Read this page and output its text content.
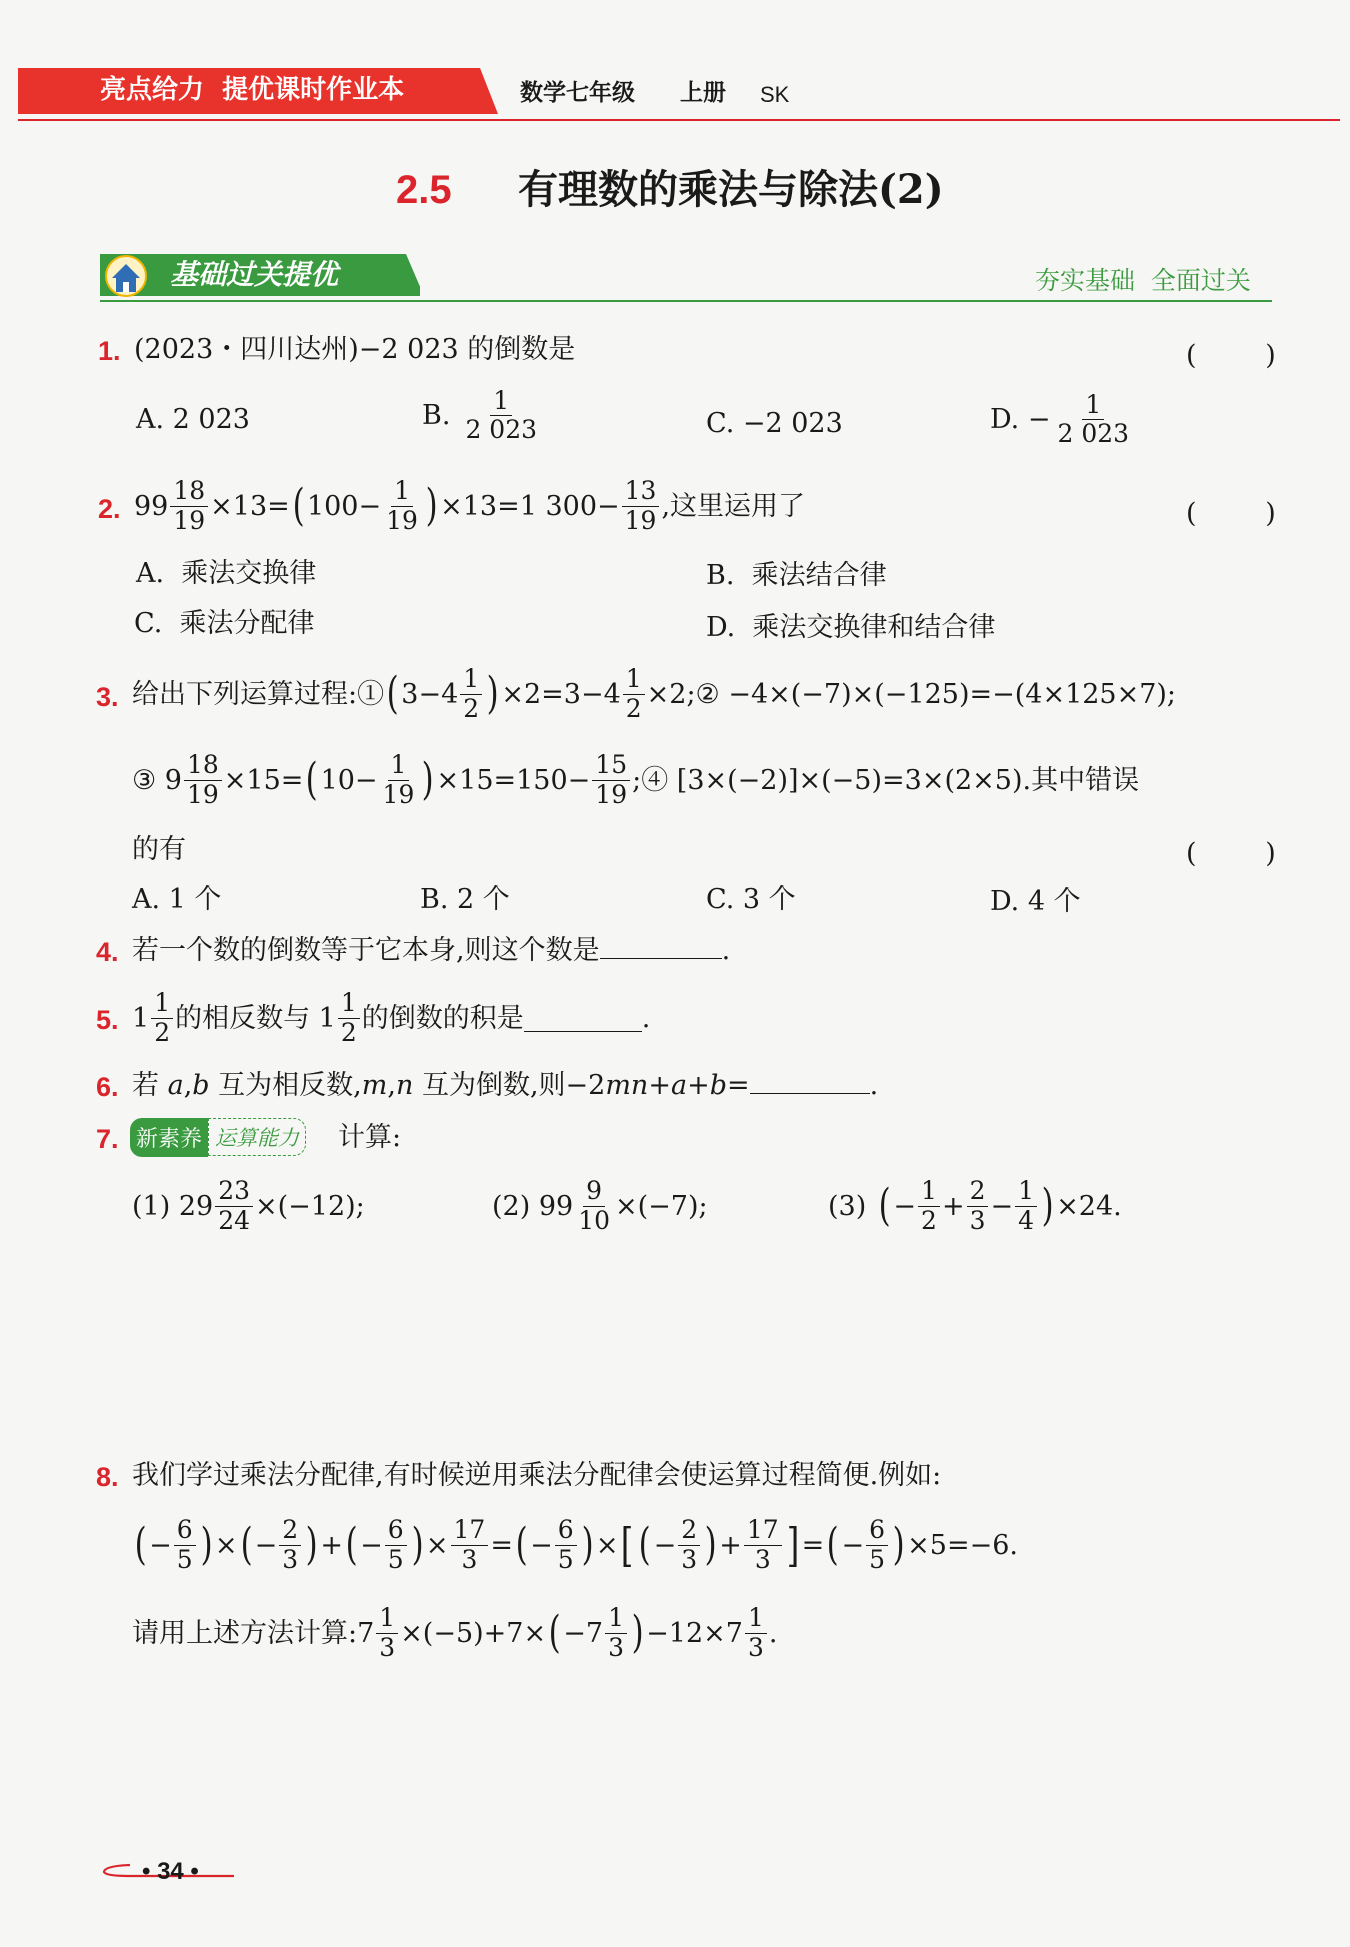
亮点给力  提优课时作业本	数学七年级 上册 SK
2.5 有理数的乘法与除法(2)
基础过关提优	夯实基础  全面过关
1. (2023・四川达州)−2 023 的倒数是	(        )
A. 2 023	B. $\frac{1}{2 023}$	C. −2 023	D. − $\frac{1}{2 023}$
2. $99 \frac{18}{19} \times 13=$ ( $100- \frac{1}{19}$ ) ×13=1 $300- \frac{13}{19}$ ,这里运用了	(        )
A.  乘法交换律	B.  乘法结合律
C.  乘法分配律	D.  乘法交换律和结合律
3. 给出下列运算过程:① ( $3-4 \frac{1}{2}$ ) $\times 2=3-4 \frac{1}{2}$ ×2;② −4×(−7)×(−125)=−(4×125×7);
③ $9 \frac{18}{19} \times 15=$ ( $10- \frac{1}{19}$ ) $\times 15=150- \frac{15}{19}$ ;④ [3×(−2)]×(−5)=3×(2×5).其中错误
的有	(        )
A. 1 个	B. 2 个	C. 3 个	D. 4 个
4. 若一个数的倒数等于它本身,则这个数是	.
5. $1 \frac{1}{2}$ 的相反数与 $1 \frac{1}{2}$ 的倒数的积是	.
6. 若 a,b 互为相反数,m,n 互为倒数,则−2mn+a+b=	.
7. 新素养 运算能力 计算:
(1) $29 \frac{23}{24} \times(-12)$;	(2) $99 \frac{9}{10} \times(-7)$;	(3) ( − $\frac{1}{2} + \frac{2}{3} - \frac{1}{4}$ ) ×24.
8. 我们学过乘法分配律,有时候逆用乘法分配律会使运算过程简便.例如:
( − $\frac{6}{5}$ ) × ( − $\frac{2}{3}$ ) + ( − $\frac{6}{5}$ ) × $\frac{17}{3}$ = ( − $\frac{6}{5}$ ) × [ ( − $\frac{2}{3}$ ) + $\frac{17}{3}$ ] = ( − $\frac{6}{5}$ ) ×5=−6.
请用上述方法计算:7 $\frac{1}{3} \times(-5)+7\times$ ( $-7 \frac{1}{3}$ ) $-12\times 7 \frac{1}{3}$ .
• 34 •
